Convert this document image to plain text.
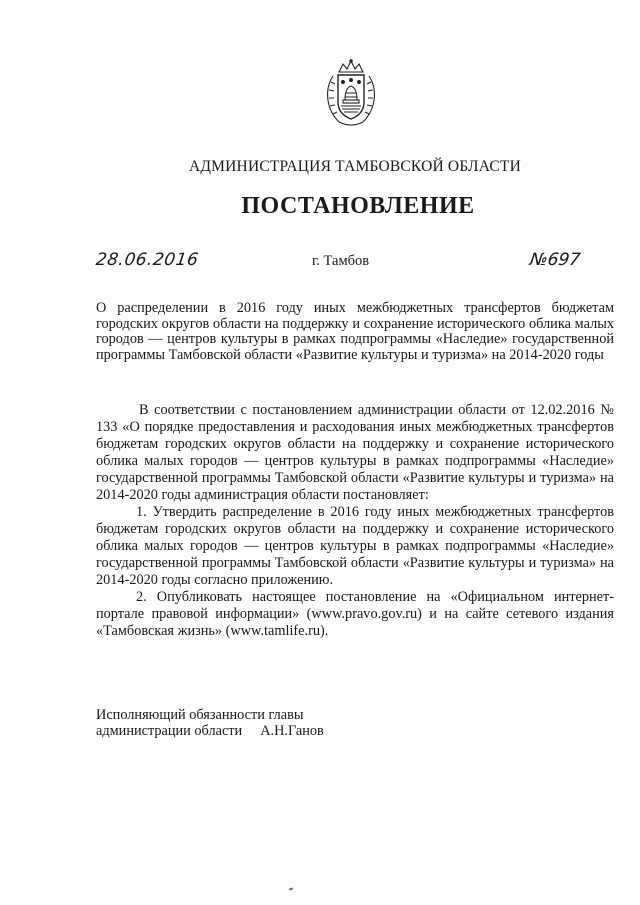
АДМИНИСТРАЦИЯ ТАМБОВСКОЙ ОБЛАСТИ
ПОСТАНОВЛЕНИЕ
28.06.2016	г. Тамбов	№697
О распределении в 2016 году иных межбюджетных трансфертов бюджетам городских округов области на поддержку и сохранение исторического облика малых городов — центров культуры в рамках подпрограммы «Наследие» государственной программы Тамбовской области «Развитие культуры и туризма» на 2014-2020 годы

В соответствии с постановлением администрации области от 12.02.2016 № 133 «О порядке предоставления и расходования иных межбюджетных трансфертов бюджетам городских округов области на поддержку и сохранение исторического облика малых городов — центров культуры в рамках подпрограммы «Наследие» государственной программы Тамбовской области «Развитие культуры и туризма» на 2014-2020 годы администрация области постановляет:

1. Утвердить распределение в 2016 году иных межбюджетных трансфертов бюджетам городских округов области на поддержку и сохранение исторического облика малых городов — центров культуры в рамках подпрограммы «Наследие» государственной программы Тамбовской области «Развитие культуры и туризма» на 2014-2020 годы согласно приложению.

2. Опубликовать настоящее постановление на «Официальном интернет-портале правовой информации» (www.pravo.gov.ru) и на сайте сетевого издания «Тамбовская жизнь» (www.tamlife.ru).

Исполняющий обязанности главы
администрации области А.Н.Ганов
